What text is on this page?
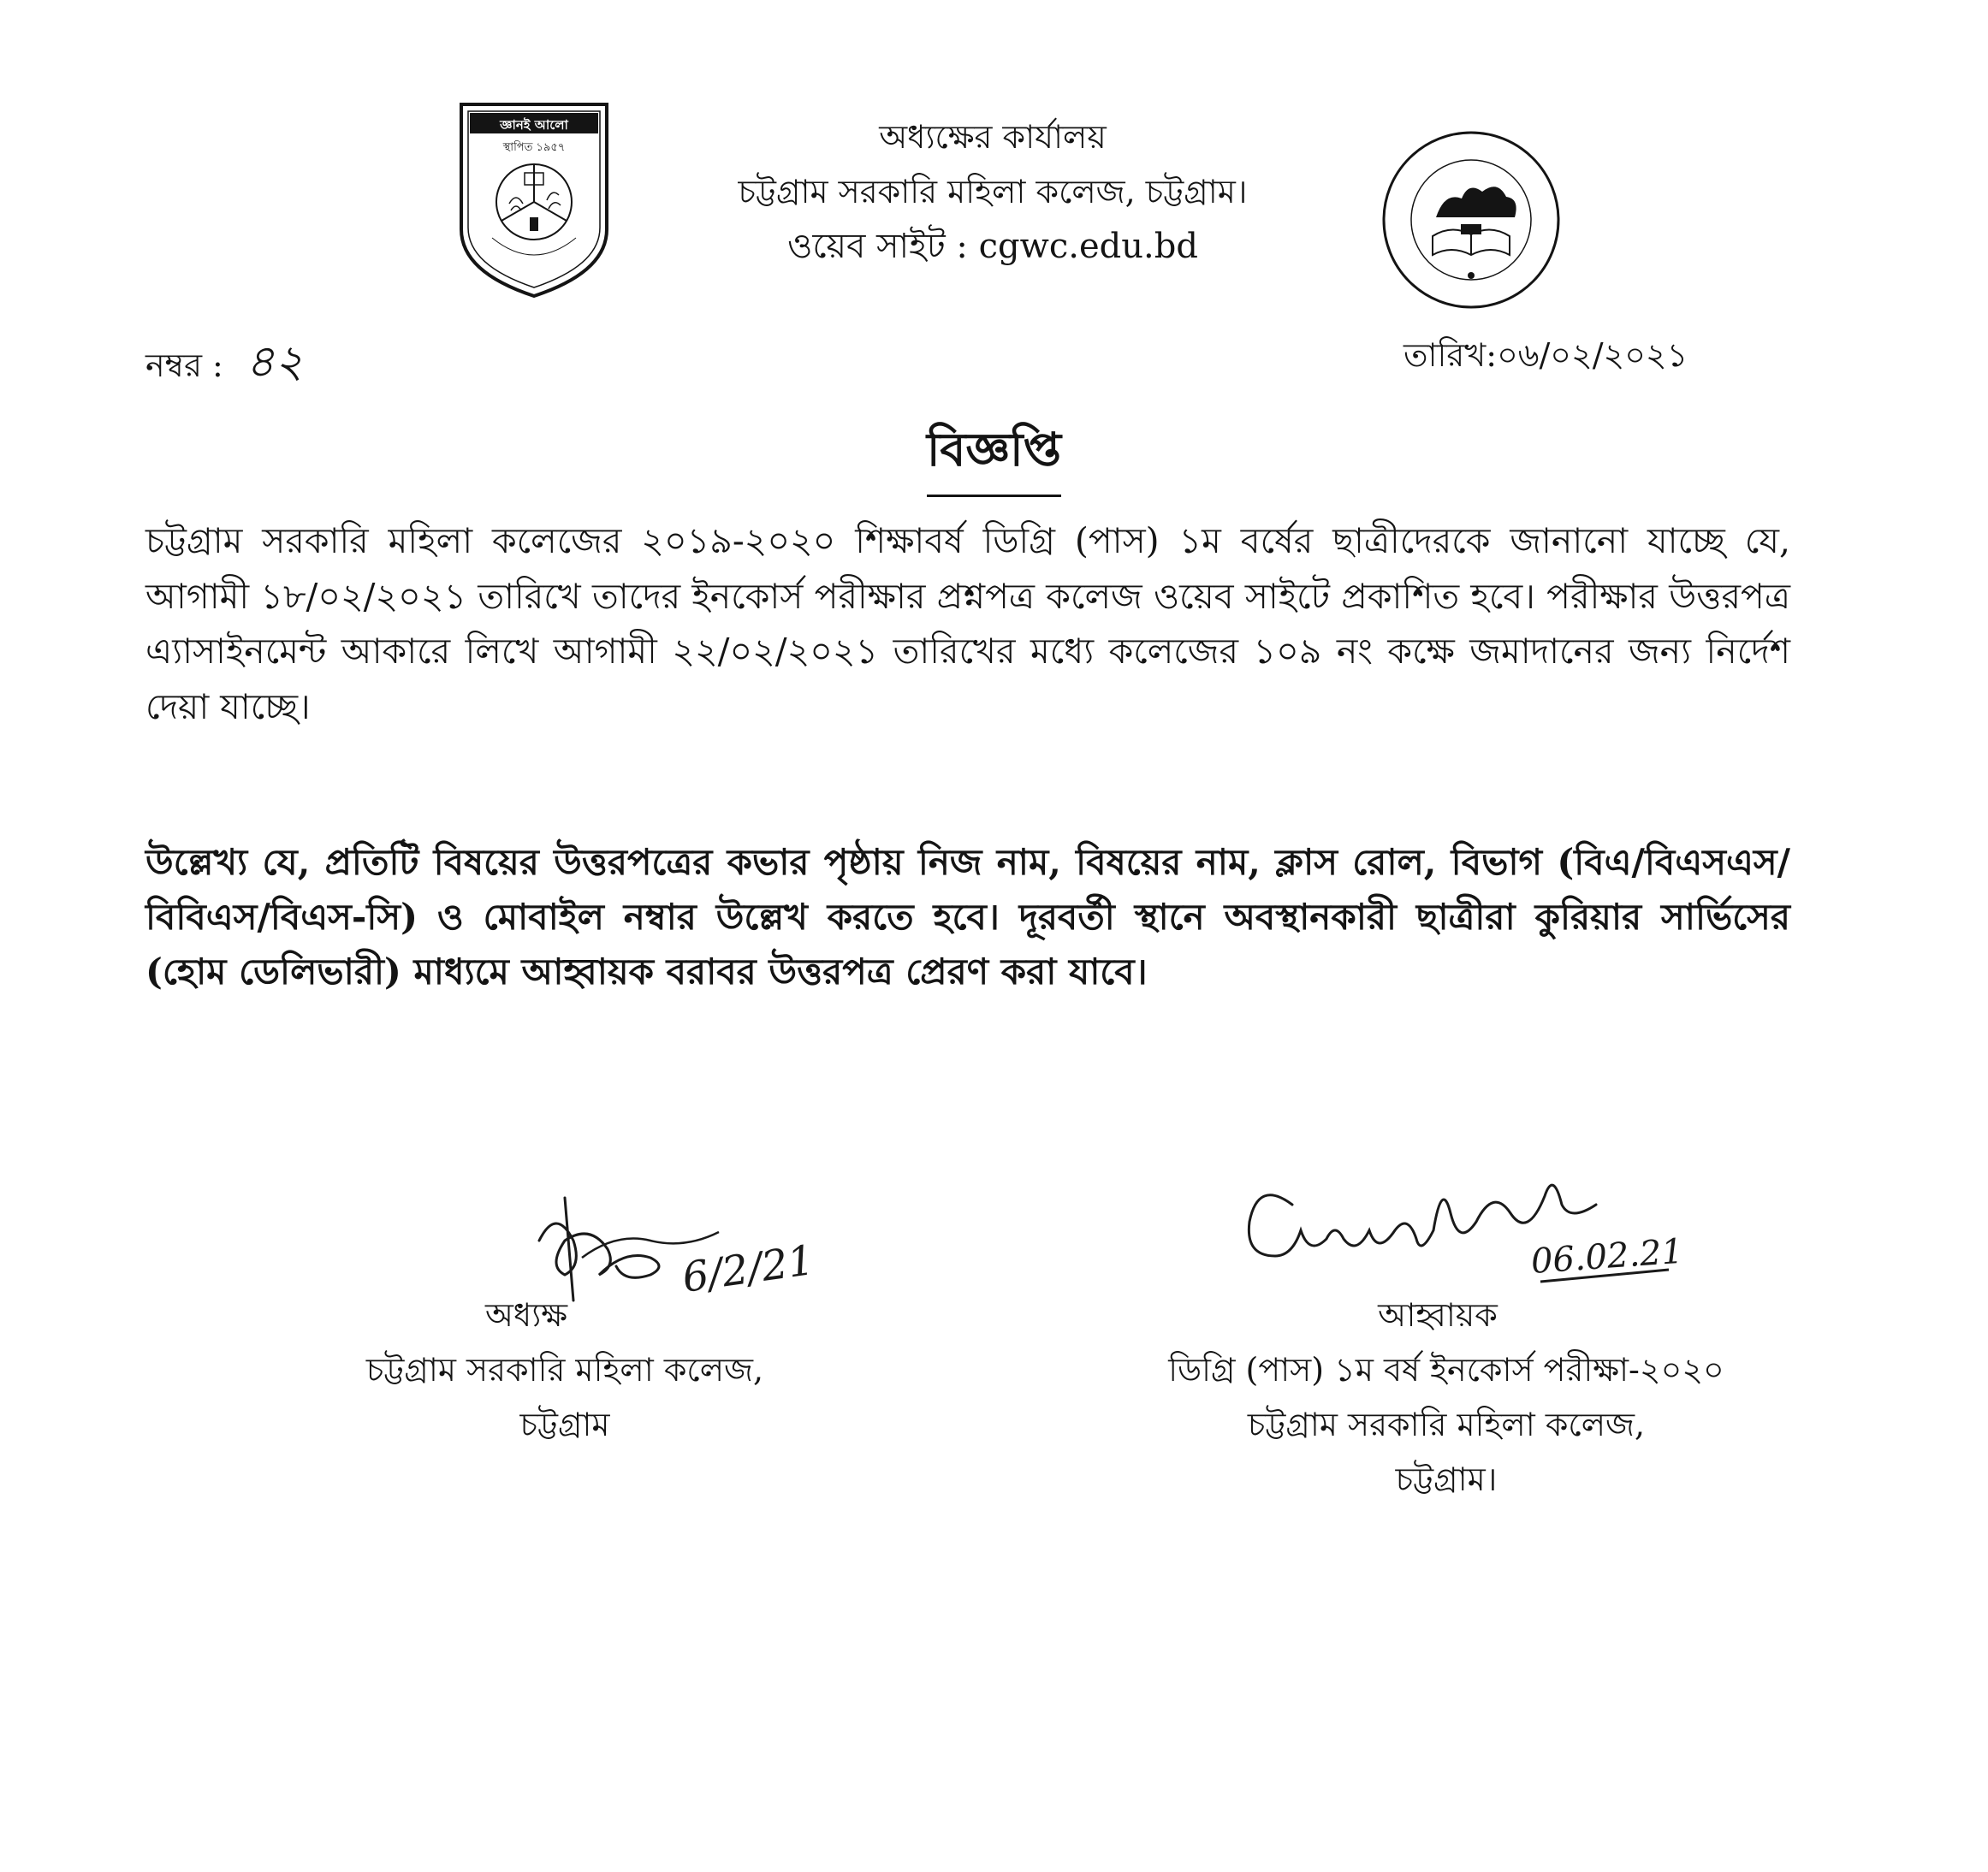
স্থাপিত ১৯৫৭
জ্ঞানই আলো	অধ্যক্ষের কার্যালয়
চট্টগ্রাম সরকারি মহিলা কলেজ, চট্টগ্রাম।
ওয়েব সাইট : cgwc.edu.bd
নম্বর : ৪২	তারিখ:০৬/০২/২০২১
বিজ্ঞপ্তি
চট্টগ্রাম সরকারি মহিলা কলেজের ২০১৯-২০২০ শিক্ষাবর্ষ ডিগ্রি (পাস) ১ম বর্ষের ছাত্রীদেরকে জানানো যাচ্ছে যে, আগামী ১৮/০২/২০২১ তারিখে তাদের ইনকোর্স পরীক্ষার প্রশ্নপত্র কলেজ ওয়েব সাইটে প্রকাশিত হবে। পরীক্ষার উত্তরপত্র এ্যাসাইনমেন্ট আকারে লিখে আগামী ২২/০২/২০২১ তারিখের মধ্যে কলেজের ১০৯ নং কক্ষে জমাদানের জন্য নির্দেশ দেয়া যাচ্ছে।
উল্লেখ্য যে, প্রতিটি বিষয়ের উত্তরপত্রের কভার পৃষ্ঠায় নিজ নাম, বিষয়ের নাম, ক্লাস রোল, বিভাগ (বিএ/বিএসএস/বিবিএস/বিএস-সি) ও মোবাইল নম্বার উল্লেখ করতে হবে। দূরবর্তী স্থানে অবস্থানকারী ছাত্রীরা কুরিয়ার সার্ভিসের (হোম ডেলিভারী) মাধ্যমে আহ্বায়ক বরাবর উত্তরপত্র প্রেরণ করা যাবে।
6/2/21	06.02.21
অধ্যক্ষ
চট্টগ্রাম সরকারি মহিলা কলেজ,
চট্টগ্রাম
আহ্বায়ক
ডিগ্রি (পাস) ১ম বর্ষ ইনকোর্স পরীক্ষা-২০২০
চট্টগ্রাম সরকারি মহিলা কলেজ,
চট্টগ্রাম।
